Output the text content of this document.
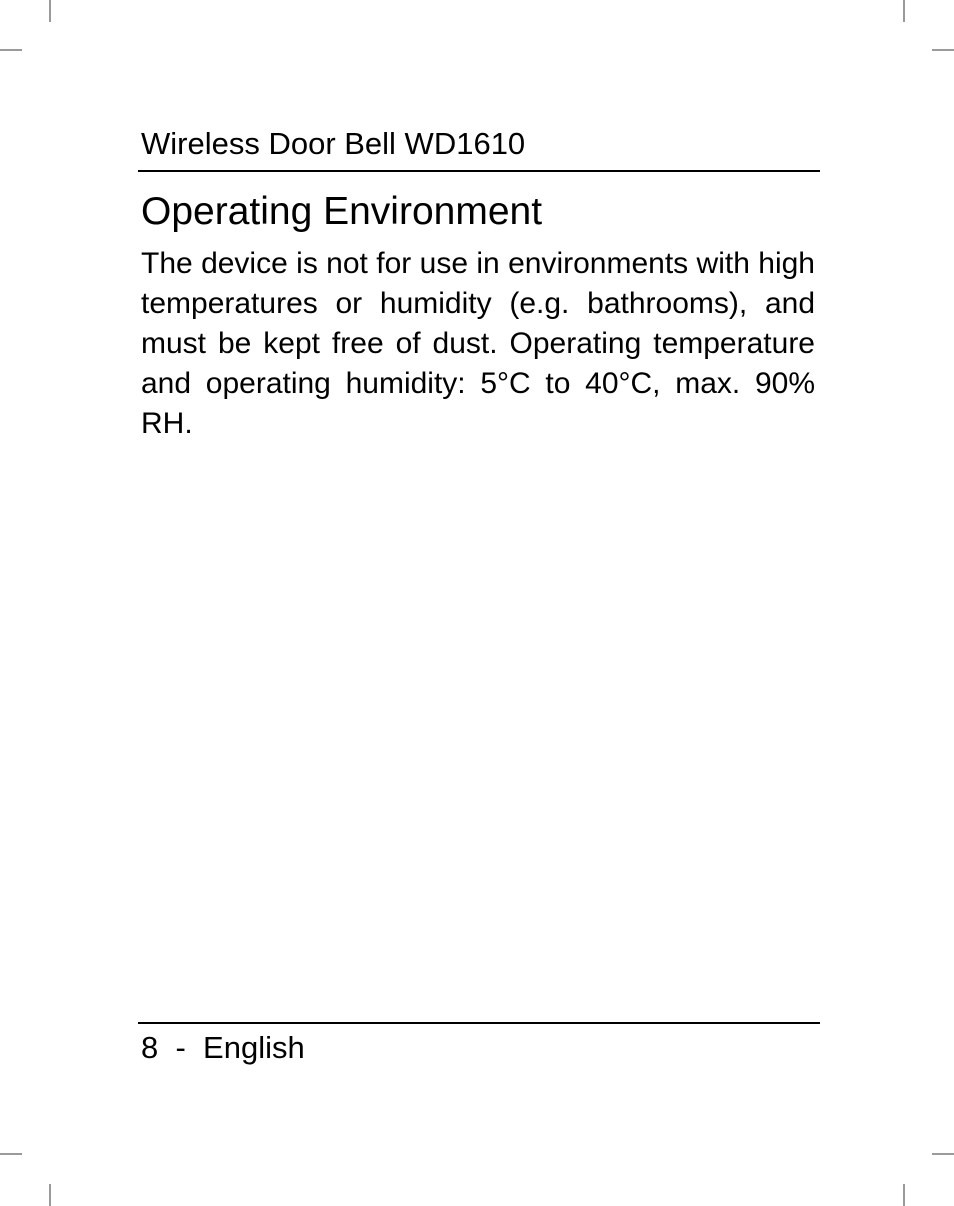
Wireless Door Bell WD1610
Operating Environment

The device is not for use in environments with high temperatures or humidity (e.g. bathrooms), and must be kept free of dust. Operating temperature and operating humidity: 5°C to 40°C, max. 90% RH.

8 - English
